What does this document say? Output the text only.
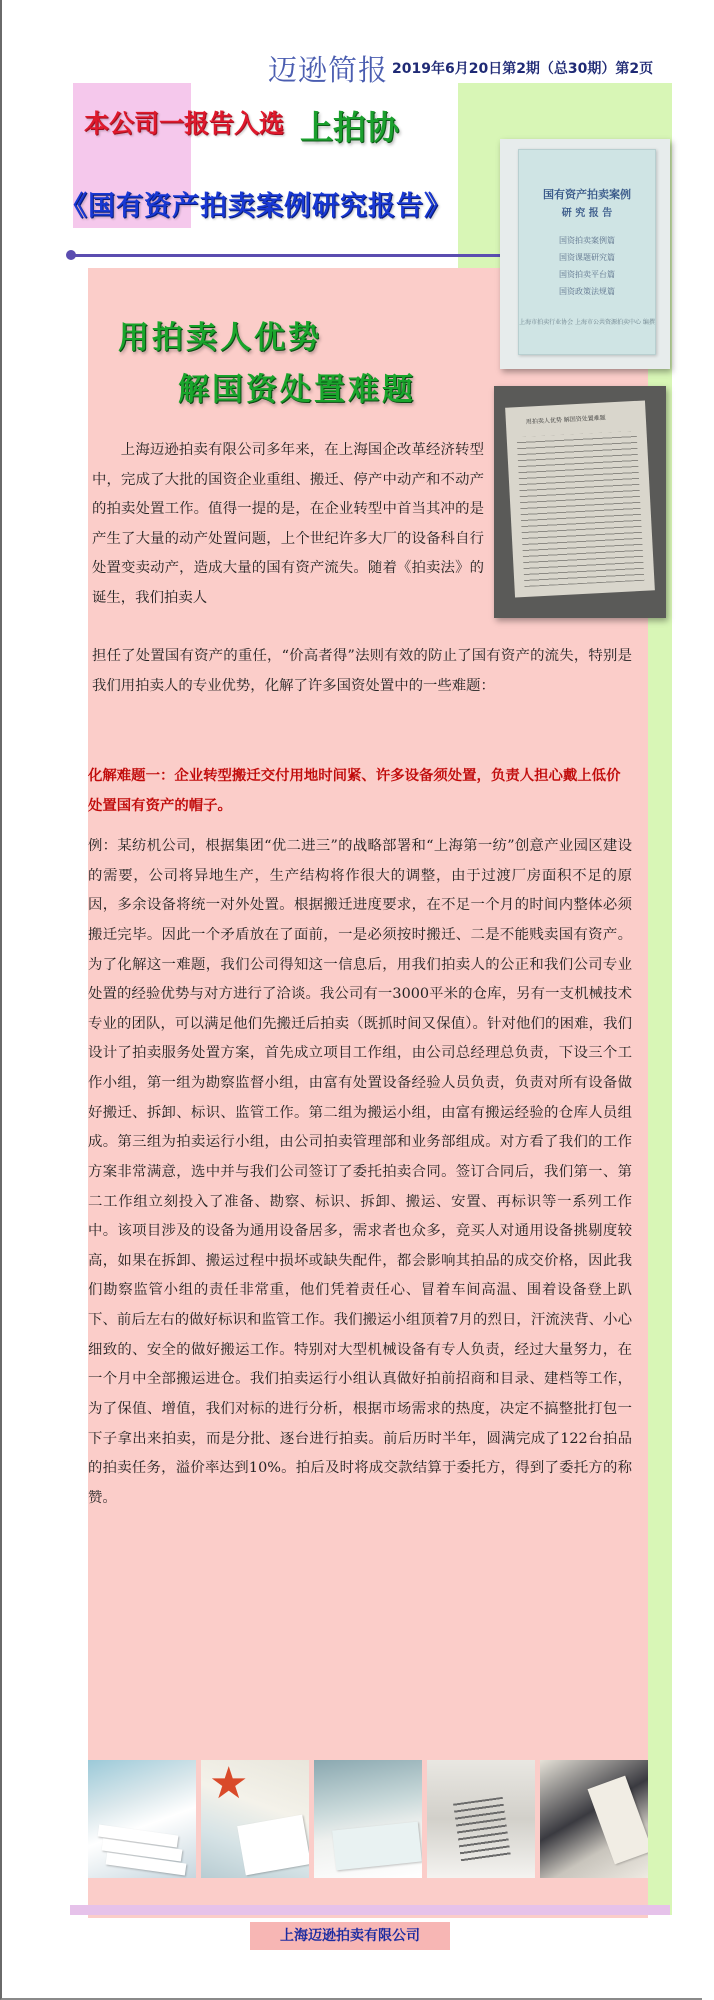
迈逊简报 2019年6月20日第2期（总30期）第2页
本公司一报告入选 上拍协
《国有资产拍卖案例研究报告》	国有资产拍卖案例
研 究 报 告
国资拍卖案例篇
国资课题研究篇
国资拍卖平台篇
国资政策法规篇
上海市拍卖行业协会 上海市公共资源拍卖中心 编撰
用拍卖人优势 解国资处置难题
用拍卖人优势
解国资处置难题

上海迈逊拍卖有限公司多年来，在上海国企改革经济转型中，完成了大批的国资企业重组、搬迁、停产中动产和不动产的拍卖处置工作。值得一提的是，在企业转型中首当其冲的是产生了大量的动产处置问题，上个世纪许多大厂的设备科自行处置变卖动产，造成大量的国有资产流失。随着《拍卖法》的诞生，我们拍卖人

担任了处置国有资产的重任，“价高者得”法则有效的防止了国有资产的流失，特别是我们用拍卖人的专业优势，化解了许多国资处置中的一些难题：

化解难题一：企业转型搬迁交付用地时间紧、许多设备须处置，负责人担心戴上低价处置国有资产的帽子。

例：某纺机公司，根据集团“优二进三”的战略部署和“上海第一纺”创意产业园区建设的需要，公司将异地生产，生产结构将作很大的调整，由于过渡厂房面积不足的原因，多余设备将统一对外处置。根据搬迁进度要求，在不足一个月的时间内整体必须搬迁完毕。因此一个矛盾放在了面前，一是必须按时搬迁、二是不能贱卖国有资产。为了化解这一难题，我们公司得知这一信息后，用我们拍卖人的公正和我们公司专业处置的经验优势与对方进行了洽谈。我公司有一3000平米的仓库，另有一支机械技术专业的团队，可以满足他们先搬迁后拍卖（既抓时间又保值）。针对他们的困难，我们设计了拍卖服务处置方案，首先成立项目工作组，由公司总经理总负责，下设三个工作小组，第一组为勘察监督小组，由富有处置设备经验人员负责，负责对所有设备做好搬迁、拆卸、标识、监管工作。第二组为搬运小组，由富有搬运经验的仓库人员组成。第三组为拍卖运行小组，由公司拍卖管理部和业务部组成。对方看了我们的工作方案非常满意，选中并与我们公司签订了委托拍卖合同。签订合同后，我们第一、第二工作组立刻投入了准备、勘察、标识、拆卸、搬运、安置、再标识等一系列工作中。该项目涉及的设备为通用设备居多，需求者也众多，竞买人对通用设备挑剔度较高，如果在拆卸、搬运过程中损坏或缺失配件，都会影响其拍品的成交价格，因此我们勘察监管小组的责任非常重，他们凭着责任心、冒着车间高温、围着设备登上趴下、前后左右的做好标识和监管工作。我们搬运小组顶着7月的烈日，汗流浃背、小心细致的、安全的做好搬运工作。特别对大型机械设备有专人负责，经过大量努力，在一个月中全部搬运进仓。我们拍卖运行小组认真做好拍前招商和目录、建档等工作，为了保值、增值，我们对标的进行分析，根据市场需求的热度，决定不搞整批打包一下子拿出来拍卖，而是分批、逐台进行拍卖。前后历时半年，圆满完成了122台拍品的拍卖任务，溢价率达到10%。拍后及时将成交款结算于委托方，得到了委托方的称赞。

★
上海迈逊拍卖有限公司
